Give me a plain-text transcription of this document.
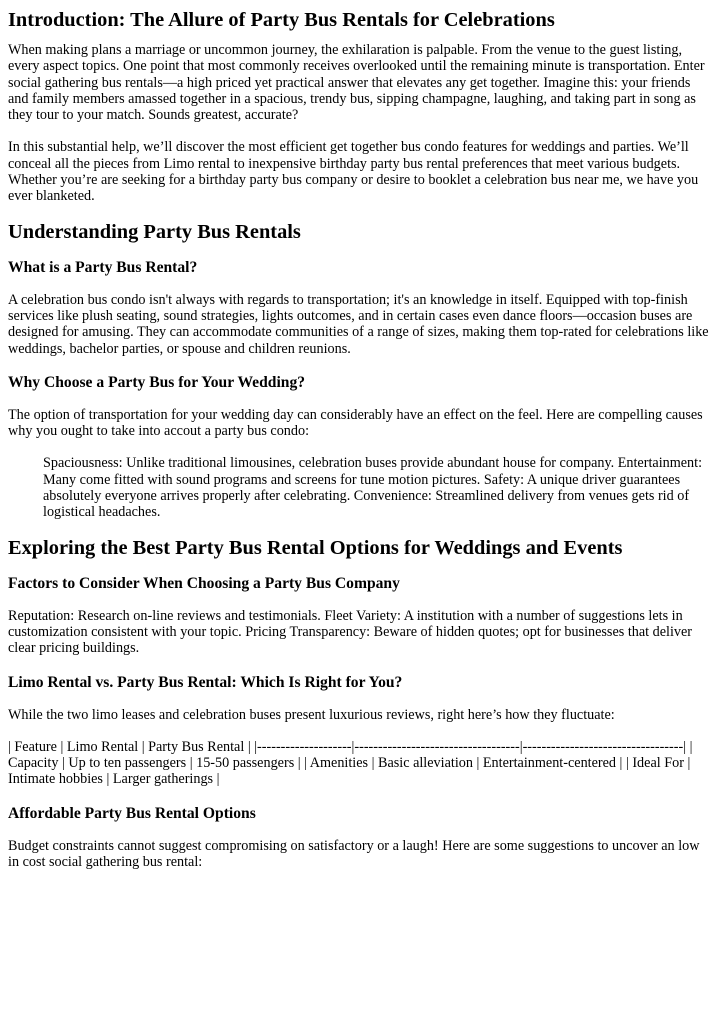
Introduction: The Allure of Party Bus Rentals for Celebrations

When making plans a marriage or uncommon journey, the exhilaration is palpable. From the venue to the guest listing, every aspect topics. One point that most commonly receives overlooked until the remaining minute is transportation. Enter social gathering bus rentals—a high priced yet practical answer that elevates any get together. Imagine this: your friends and family members amassed together in a spacious, trendy bus, sipping champagne, laughing, and taking part in song as they tour to your match. Sounds greatest, accurate?

In this substantial help, we’ll discover the most efficient get together bus condo features for weddings and parties. We’ll conceal all the pieces from Limo rental to inexpensive birthday party bus rental preferences that meet various budgets. Whether you’re are seeking for a birthday party bus company or desire to booklet a celebration bus near me, we have you ever blanketed.

Understanding Party Bus Rentals
What is a Party Bus Rental?

A celebration bus condo isn't always with regards to transportation; it's an knowledge in itself. Equipped with top-finish services like plush seating, sound strategies, lights outcomes, and in certain cases even dance floors—occasion buses are designed for amusing. They can accommodate communities of a range of sizes, making them top-rated for celebrations like weddings, bachelor parties, or spouse and children reunions.

Why Choose a Party Bus for Your Wedding?

The option of transportation for your wedding day can considerably have an effect on the feel. Here are compelling causes why you ought to take into accout a party bus condo:

Spaciousness: Unlike traditional limousines, celebration buses provide abundant house for company. Entertainment: Many come fitted with sound programs and screens for tune motion pictures. Safety: A unique driver guarantees absolutely everyone arrives properly after celebrating. Convenience: Streamlined delivery from venues gets rid of logistical headaches.
Exploring the Best Party Bus Rental Options for Weddings and Events
Factors to Consider When Choosing a Party Bus Company

Reputation: Research on-line reviews and testimonials. Fleet Variety: A institution with a number of suggestions lets in customization consistent with your topic. Pricing Transparency: Beware of hidden quotes; opt for businesses that deliver clear pricing buildings.

Limo Rental vs. Party Bus Rental: Which Is Right for You?

While the two limo leases and celebration buses present luxurious reviews, right here’s how they fluctuate:

| Feature | Limo Rental | Party Bus Rental | |--------------------|-----------------------------------|----------------------------------| | Capacity | Up to ten passengers | 15-50 passengers | | Amenities | Basic alleviation | Entertainment-centered | | Ideal For | Intimate hobbies | Larger gatherings |

Affordable Party Bus Rental Options

Budget constraints cannot suggest compromising on satisfactory or a laugh! Here are some suggestions to uncover an low in cost social gathering bus rental:
